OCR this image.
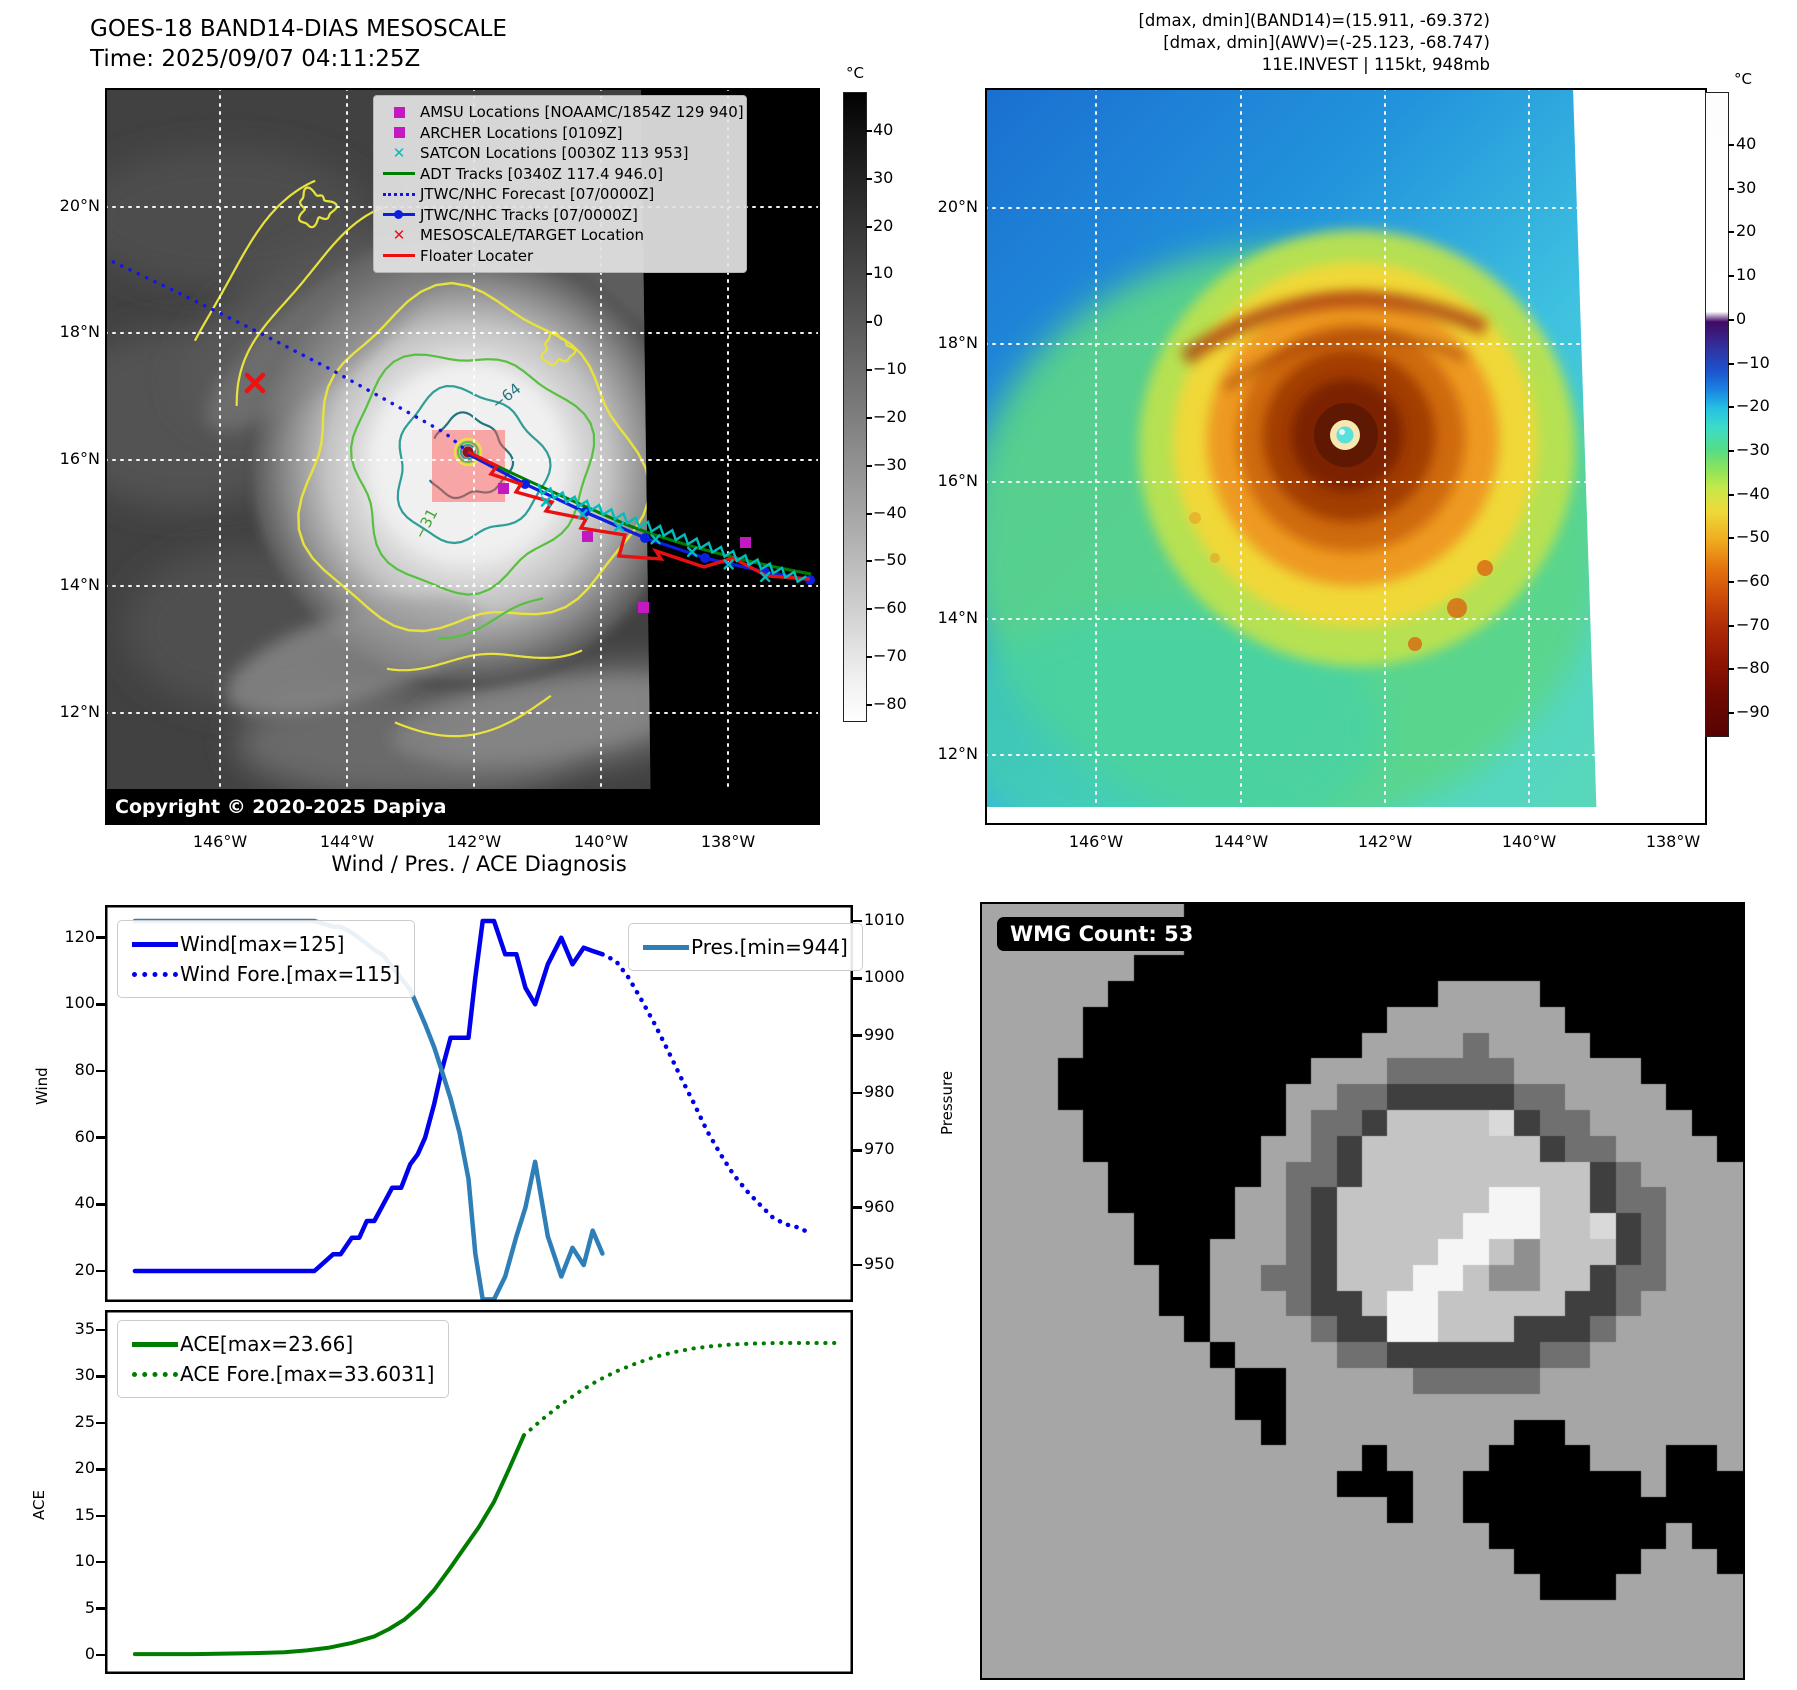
GOES-18 BAND14-DIAS MESOSCALE
Time: 2025/09/07 04:11:25Z
[dmax, dmin](BAND14)=(15.911, -69.372)
[dmax, dmin](AWV)=(-25.123, -68.747)
11E.INVEST | 115kt, 948mb
−64
−31
AMSU Locations [NOAAMC/1854Z 129 940]
ARCHER Locations [0109Z]
✕ SATCON Locations [0030Z 113 953]
ADT Tracks [0340Z 117.4 946.0]
JTWC/NHC Forecast [07/0000Z]
JTWC/NHC Tracks [07/0000Z]
✕ MESOSCALE/TARGET Location
Floater Locater
Copyright © 2020-2025 Dapiya
°C	°C
Wind / Pres. / ACE Diagnosis
Wind	Pressure
ACE
Wind[max=125]
Wind Fore.[max=115]
Pres.[min=944]
ACE[max=23.66]
ACE Fore.[max=33.6031]
WMG Count: 53
20°N
18°N
16°N
14°N
12°N
146°W	144°W	142°W	140°W	138°W
20°N
18°N
16°N
14°N
12°N
146°W	144°W	142°W	140°W	138°W
40
30
20
10
0
−10
−20
−30
−40
−50
−60
−70
−80
40
30
20
10
0
−10
−20
−30
−40
−50
−60
−70
−80
−90
120
100
80
60
40
20
1010
1000
990
980
970
960
950
35
30
25
20
15
10
5
0
